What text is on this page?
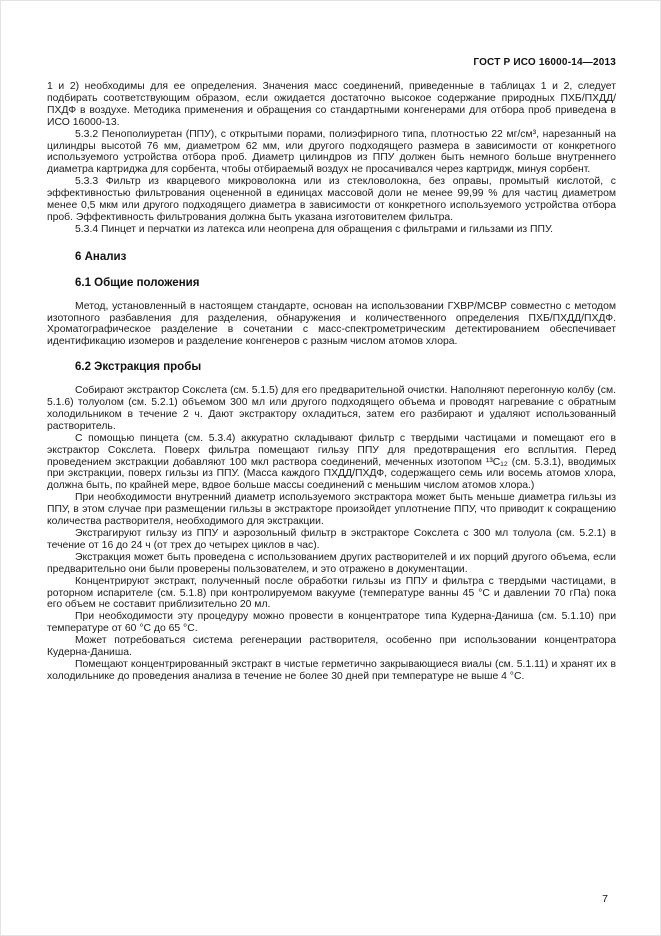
ГОСТ Р ИСО 16000-14—2013

1 и 2) необходимы для ее определения. Значения масс соединений, приведенные в таблицах 1 и 2, следует подбирать соответствующим образом, если ожидается достаточно высокое содержание природных ПХБ/ПХДД/ПХДФ в воздухе. Методика применения и обращения со стандартными конгенерами для отбора проб приведена в ИСО 16000-13.

5.3.2 Пенополиуретан (ППУ), с открытыми порами, полиэфирного типа, плотностью 22 мг/см³, нарезанный на цилиндры высотой 76 мм, диаметром 62 мм, или другого подходящего размера в зависимости от конкретного используемого устройства отбора проб. Диаметр цилиндров из ППУ должен быть немного больше внутреннего диаметра картриджа для сорбента, чтобы отбираемый воздух не просачивался через картридж, минуя сорбент.

5.3.3 Фильтр из кварцевого микроволокна или из стекловолокна, без оправы, промытый кислотой, с эффективностью фильтрования оцененной в единицах массовой доли не менее 99,99 % для частиц диаметром менее 0,5 мкм или другого подходящего диаметра в зависимости от конкретного используемого устройства отбора проб. Эффективность фильтрования должна быть указана изготовителем фильтра.

5.3.4 Пинцет и перчатки из латекса или неопрена для обращения с фильтрами и гильзами из ППУ.

6 Анализ
6.1 Общие положения

Метод, установленный в настоящем стандарте, основан на использовании ГХВР/МСВР совместно с методом изотопного разбавления для разделения, обнаружения и количественного определения ПХБ/ПХДД/ПХДФ. Хроматографическое разделение в сочетании с масс-спектрометрическим детектированием обеспечивает идентификацию изомеров и разделение конгенеров с разным числом атомов хлора.

6.2 Экстракция пробы

Собирают экстрактор Сокслета (см. 5.1.5) для его предварительной очистки. Наполняют перегонную колбу (см. 5.1.6) толуолом (см. 5.2.1) объемом 300 мл или другого подходящего объема и проводят нагревание с обратным холодильником в течение 2 ч. Дают экстрактору охладиться, затем его разбирают и удаляют использованный растворитель.

С помощью пинцета (см. 5.3.4) аккуратно складывают фильтр с твердыми частицами и помещают его в экстрактор Сокслета. Поверх фильтра помещают гильзу ППУ для предотвращения его всплытия. Перед проведением экстракции добавляют 100 мкл раствора соединений, меченных изотопом ¹³C₁₂ (см. 5.3.1), вводимых при экстракции, поверх гильзы из ППУ. (Масса каждого ПХДД/ПХДФ, содержащего семь или восемь атомов хлора, должна быть, по крайней мере, вдвое больше массы соединений с меньшим числом атомов хлора.)

При необходимости внутренний диаметр используемого экстрактора может быть меньше диаметра гильзы из ППУ, в этом случае при размещении гильзы в экстракторе произойдет уплотнение ППУ, что приводит к сокращению количества растворителя, необходимого для экстракции.

Экстрагируют гильзу из ППУ и аэрозольный фильтр в экстракторе Сокслета с 300 мл толуола (см. 5.2.1) в течение от 16 до 24 ч (от трех до четырех циклов в час).

Экстракция может быть проведена с использованием других растворителей и их порций другого объема, если предварительно они были проверены пользователем, и это отражено в документации.

Концентрируют экстракт, полученный после обработки гильзы из ППУ и фильтра с твердыми частицами, в роторном испарителе (см. 5.1.8) при контролируемом вакууме (температуре ванны 45 °С и давлении 70 гПа) пока его объем не составит приблизительно 20 мл.

При необходимости эту процедуру можно провести в концентраторе типа Кудерна-Даниша (см. 5.1.10) при температуре от 60 °С до 65 °С.

Может потребоваться система регенерации растворителя, особенно при использовании концентратора Кудерна-Даниша.

Помещают концентрированный экстракт в чистые герметично закрывающиеся виалы (см. 5.1.11) и хранят их в холодильнике до проведения анализа в течение не более 30 дней при температуре не выше 4 °С.

7
